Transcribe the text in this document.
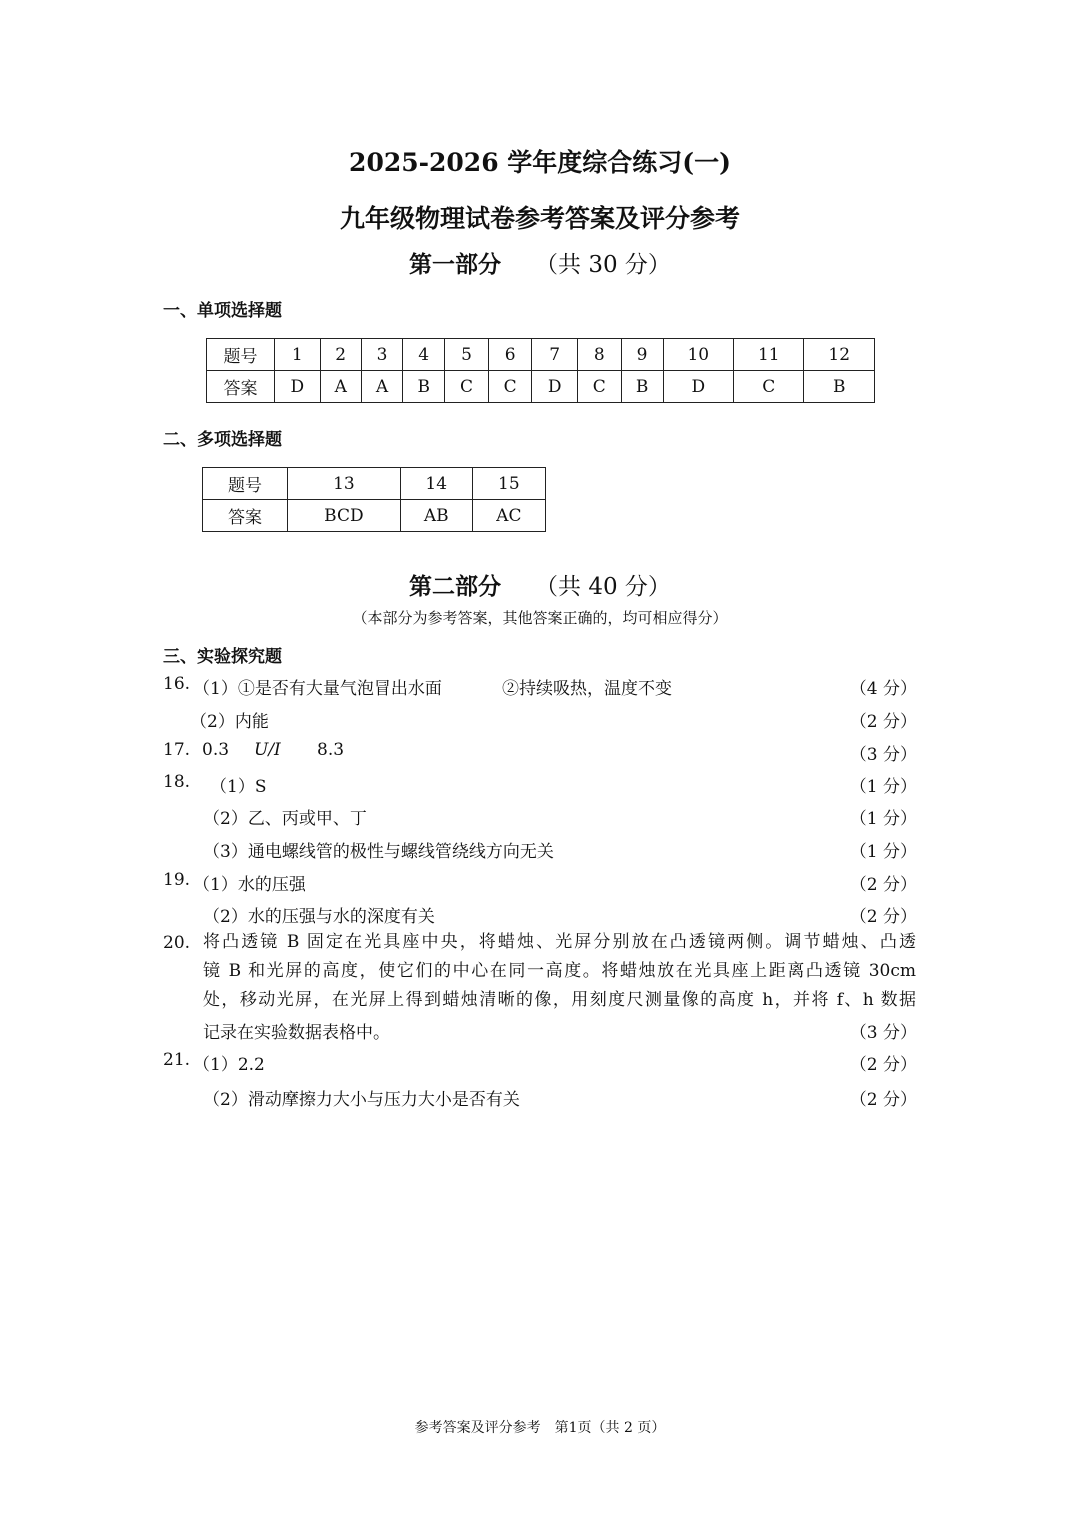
2025-2026 学年度综合练习(一)
九年级物理试卷参考答案及评分参考
第一部分 （共 30 分）
一、单项选择题
题号	1	2	3	4	5	6	7	8	9	10	11	12
答案	D	A	A	B	C	C	D	C	B	D	C	B
二、多项选择题
题号	13	14	15
答案	BCD	AB	AC
第二部分 （共 40 分）
（本部分为参考答案，其他答案正确的，均可相应得分）
三、实验探究题
16. （1）①是否有大量气泡冒出水面	②持续吸热，温度不变	（4 分）
（2）内能	（2 分）
17. 0.3 U/I 8.3	（3 分）
18. （1）S	（1 分）
（2）乙、丙或甲、丁	（1 分）
（3）通电螺线管的极性与螺线管绕线方向无关	（1 分）
19. （1）水的压强	（2 分）
（2）水的压强与水的深度有关	（2 分）
20. 将凸透镜 B 固定在光具座中央，将蜡烛、光屏分别放在凸透镜两侧。调节蜡烛、凸透
镜 B 和光屏的高度，使它们的中心在同一高度。将蜡烛放在光具座上距离凸透镜 30cm
处，移动光屏，在光屏上得到蜡烛清晰的像，用刻度尺测量像的高度 h，并将 f、h 数据
记录在实验数据表格中。	（3 分）
21. （1）2.2	（2 分）
（2）滑动摩擦力大小与压力大小是否有关	（2 分）
参考答案及评分参考　第1页（共 2 页）
